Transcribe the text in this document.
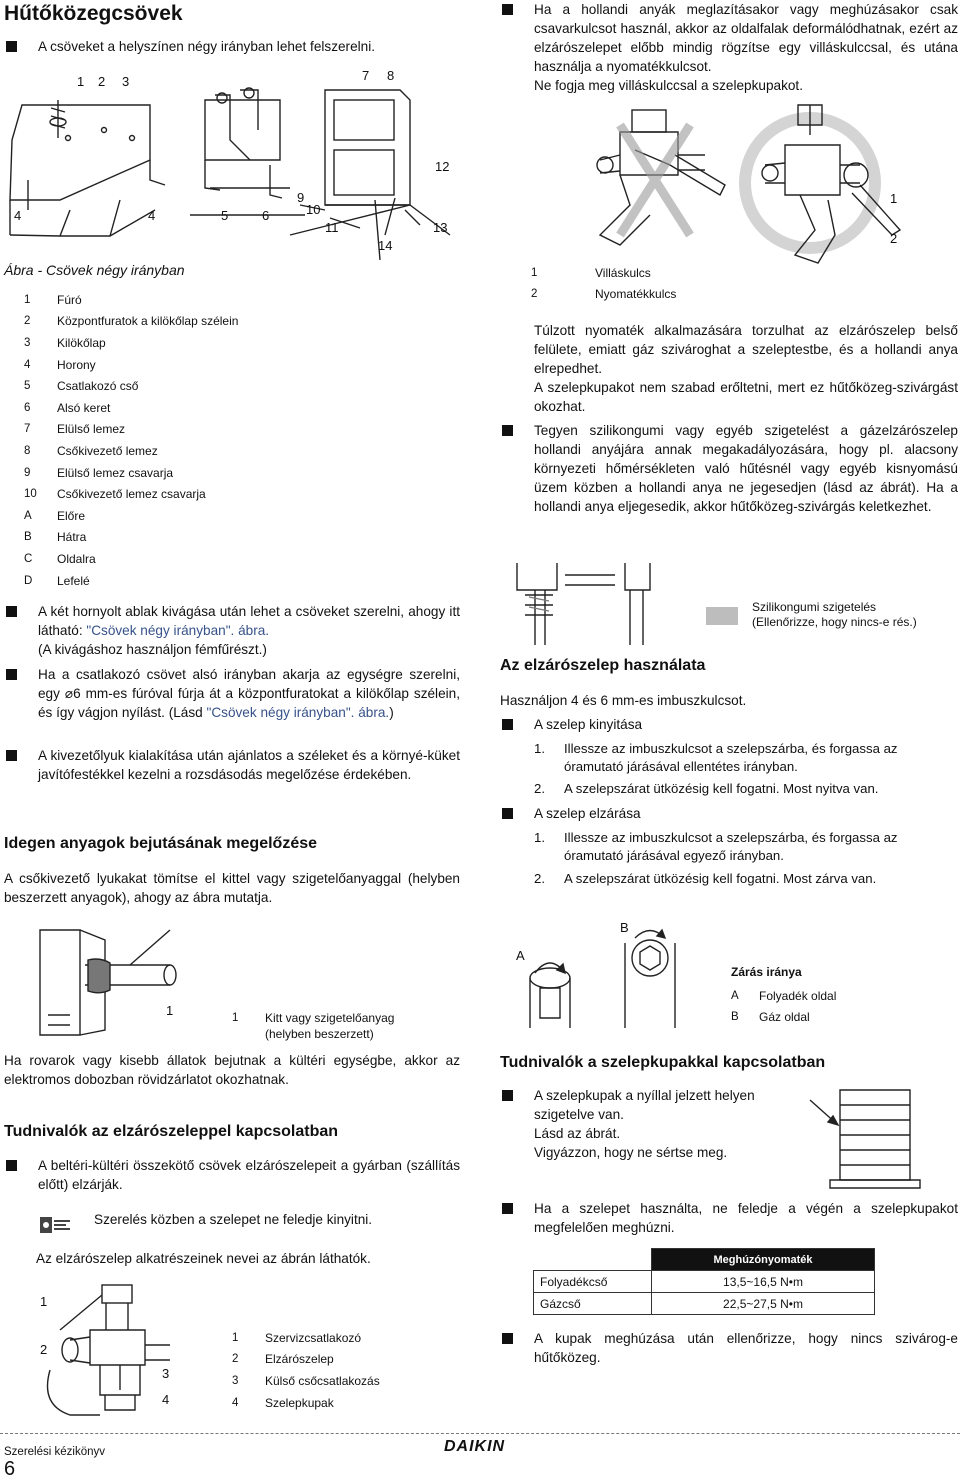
Hűtőközegcsövek
A csöveket a helyszínen négy irányban lehet felszerelni.
1 2 3	7 8
12
4	4	5	6
9
10
11
14
13
Ábra - Csövek négy irányban
1	Fúró
2	Központfuratok a kilökőlap szélein
3	Kilökőlap
4	Horony
5	Csatlakozó cső
6	Alsó keret
7	Elülső lemez
8	Csőkivezető lemez
9	Elülső lemez csavarja
10	Csőkivezető lemez csavarja
A	Előre
B	Hátra
C	Oldalra
D	Lefelé
A két hornyolt ablak kivágása után lehet a csöveket szerelni, ahogy itt látható: "Csövek négy irányban". ábra.
(A kivágáshoz használjon fémfűrészt.)
Ha a csatlakozó csövet alsó irányban akarja az egységre szerelni, egy ⌀6 mm-es fúróval fúrja át a központfuratokat a kilökőlap szélein, és így vágjon nyílást. (Lásd "Csövek négy irányban". ábra.)
A kivezetőlyuk kialakítása után ajánlatos a széleket és a környé-küket javítófestékkel kezelni a rozsdásodás megelőzése érdekében.
Idegen anyagok bejutásának megelőzése
A csőkivezető lyukakat tömítse el kittel vagy szigetelőanyaggal (helyben beszerzett anyagok), ahogy az ábra mutatja.
1	1	Kitt vagy szigetelőanyag
(helyben beszerzett)
Ha rovarok vagy kisebb állatok bejutnak a kültéri egységbe, akkor az elektromos dobozban rövidzárlatot okozhatnak.
Tudnivalók az elzárószeleppel kapcsolatban
A beltéri-kültéri összekötő csövek elzárószelepeit a gyárban (szállítás előtt) elzárják.
Szerelés közben a szelepet ne feledje kinyitni.
Az elzárószelep alkatrészeinek nevei az ábrán láthatók.
1
2
3
4
1	Szervizcsatlakozó
2	Elzárószelep
3	Külső csőcsatlakozás
4	Szelepkupak
Ha a hollandi anyák meglazításakor vagy meghúzásakor csak csavarkulcsot használ, akkor az oldalfalak deformálódhatnak, ezért az elzárószelepet előbb mindig rögzítse egy villáskulccsal, és utána használja a nyomatékkulcsot.
Ne fogja meg villáskulccsal a szelepkupakot.
1
2
1	Villáskulcs
2	Nyomatékkulcs
Túlzott nyomaték alkalmazására torzulhat az elzárószelep belső felülete, emiatt gáz szivároghat a szeleptestbe, és a hollandi anya elrepedhet.
A szelepkupakot nem szabad erőltetni, mert ez hűtőközeg-szivárgást okozhat.
Tegyen szilikongumi vagy egyéb szigetelést a gázelzárószelep hollandi anyájára annak megakadályozására, hogy pl. alacsony környezeti hőmérsékleten való hűtésnél vagy egyéb kisnyomású üzem közben a hollandi anya ne jegesedjen (lásd az ábrát). Ha a hollandi anya eljegesedik, akkor hűtőközeg-szivárgás keletkezhet.
Szilikongumi szigetelés
(Ellenőrizze, hogy nincs-e rés.)
Az elzárószelep használata
Használjon 4 és 6 mm-es imbuszkulcsot.
A szelep kinyitása
1. Illessze az imbuszkulcsot a szelepszárba, és forgassa az óramutató járásával ellentétes irányban.
2. A szelepszárat ütközésig kell fogatni. Most nyitva van.
A szelep elzárása
1. Illessze az imbuszkulcsot a szelepszárba, és forgassa az óramutató járásával egyező irányban.
2. A szelepszárat ütközésig kell fogatni. Most zárva van.
A
B
Zárás iránya
A	Folyadék oldal
B	Gáz oldal
Tudnivalók a szelepkupakkal kapcsolatban
A szelepkupak a nyíllal jelzett helyen szigetelve van.
Lásd az ábrát.
Vigyázzon, hogy ne sértse meg.
Ha a szelepet használta, ne feledje a végén a szelepkupakot megfelelően meghúzni.
	Meghúzónyomaték
Folyadékcső	13,5~16,5 N•m
Gázcső	22,5~27,5 N•m
A kupak meghúzása után ellenőrizze, hogy nincs szivárog-e hűtőközeg.
Szerelési kézikönyv
6
DAIKIN
